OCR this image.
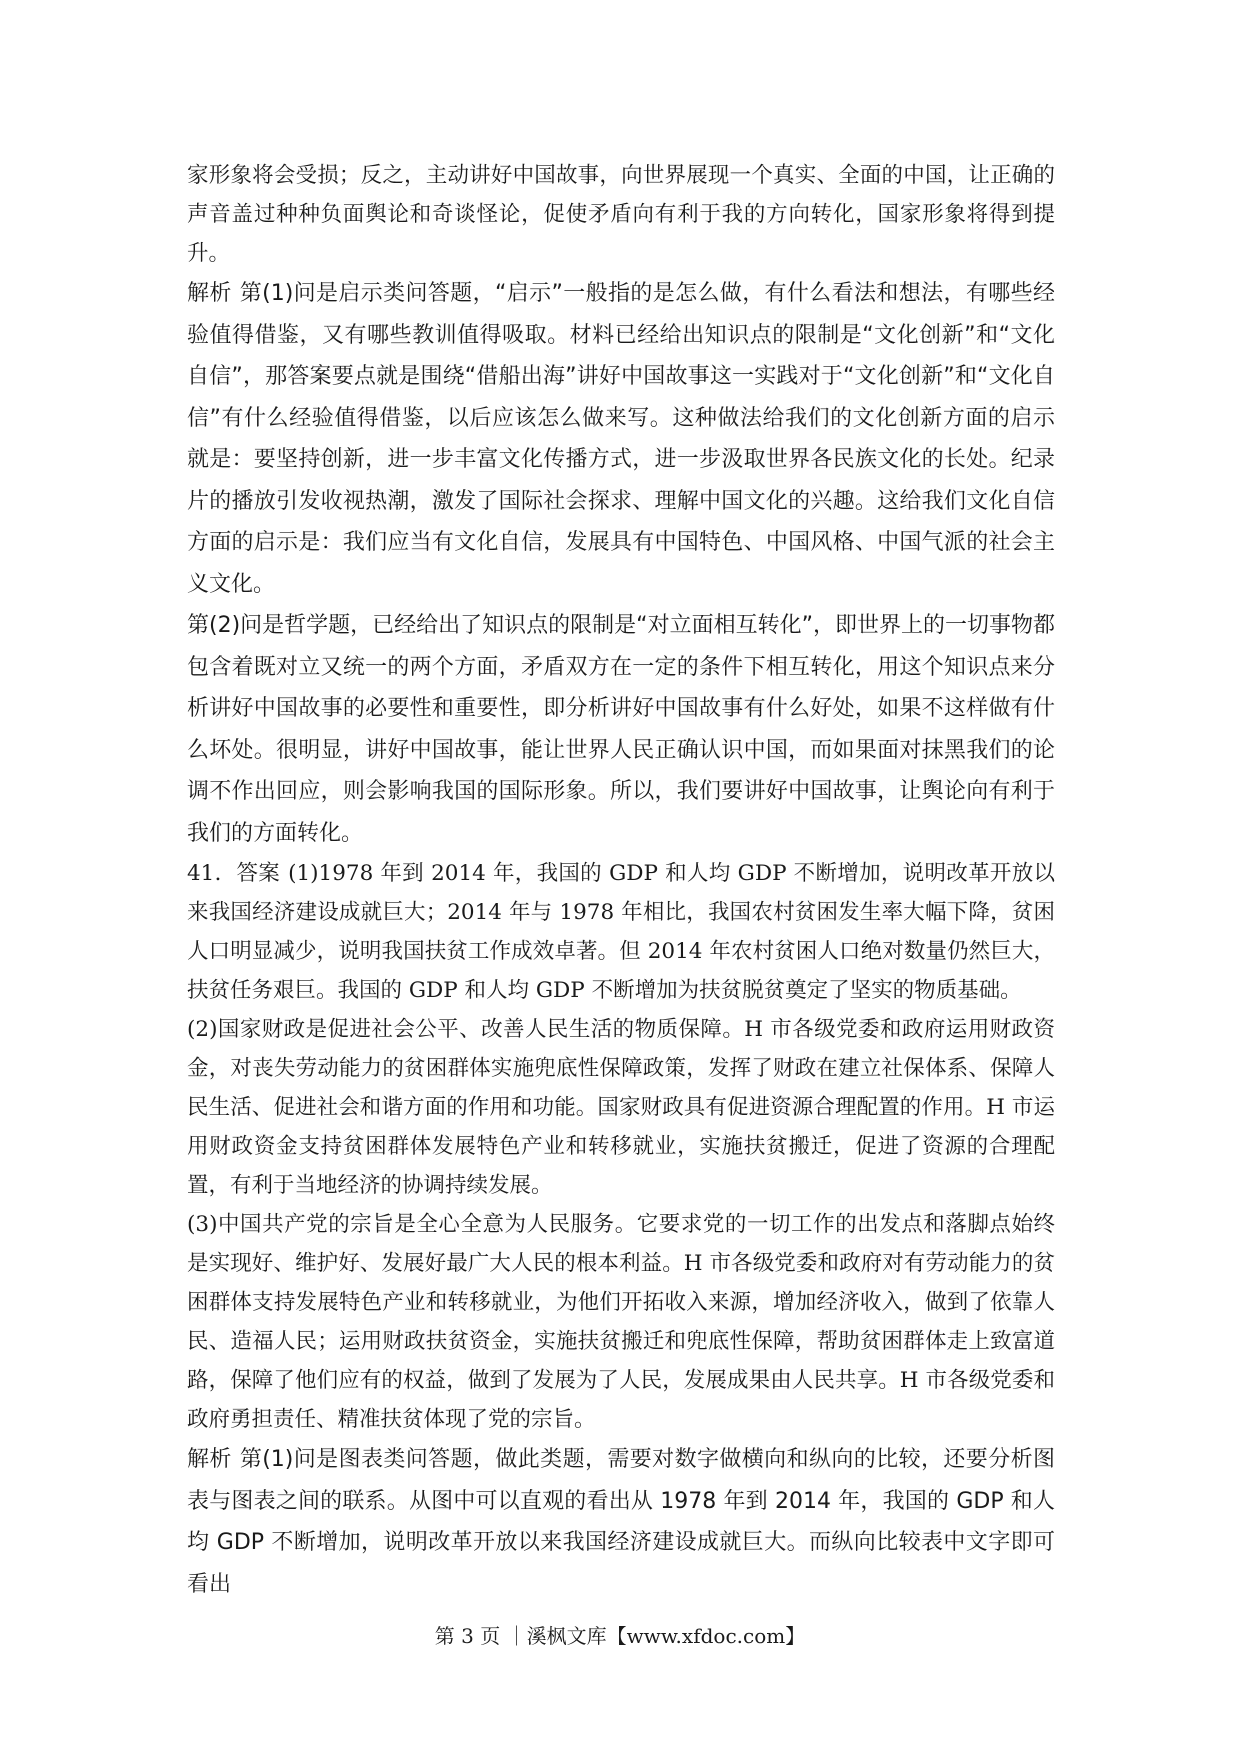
家形象将会受损；反之，主动讲好中国故事，向世界展现一个真实、全面的中国，让正确的声音盖过种种负面舆论和奇谈怪论，促使矛盾向有利于我的方向转化，国家形象将得到提升。

解析 第(1)问是启示类问答题，“启示”一般指的是怎么做，有什么看法和想法，有哪些经验值得借鉴，又有哪些教训值得吸取。材料已经给出知识点的限制是“文化创新”和“文化自信”，那答案要点就是围绕“借船出海”讲好中国故事这一实践对于“文化创新”和“文化自信”有什么经验值得借鉴，以后应该怎么做来写。这种做法给我们的文化创新方面的启示就是：要坚持创新，进一步丰富文化传播方式，进一步汲取世界各民族文化的长处。纪录片的播放引发收视热潮，激发了国际社会探求、理解中国文化的兴趣。这给我们文化自信方面的启示是：我们应当有文化自信，发展具有中国特色、中国风格、中国气派的社会主义文化。

第(2)问是哲学题，已经给出了知识点的限制是“对立面相互转化”，即世界上的一切事物都包含着既对立又统一的两个方面，矛盾双方在一定的条件下相互转化，用这个知识点来分析讲好中国故事的必要性和重要性，即分析讲好中国故事有什么好处，如果不这样做有什么坏处。很明显，讲好中国故事，能让世界人民正确认识中国，而如果面对抹黑我们的论调不作出回应，则会影响我国的国际形象。所以，我们要讲好中国故事，让舆论向有利于我们的方面转化。

41．答案 (1)1978 年到 2014 年，我国的 GDP 和人均 GDP 不断增加，说明改革开放以来我国经济建设成就巨大；2014 年与 1978 年相比，我国农村贫困发生率大幅下降，贫困人口明显减少，说明我国扶贫工作成效卓著。但 2014 年农村贫困人口绝对数量仍然巨大，扶贫任务艰巨。我国的 GDP 和人均 GDP 不断增加为扶贫脱贫奠定了坚实的物质基础。

(2)国家财政是促进社会公平、改善人民生活的物质保障。H 市各级党委和政府运用财政资金，对丧失劳动能力的贫困群体实施兜底性保障政策，发挥了财政在建立社保体系、保障人民生活、促进社会和谐方面的作用和功能。国家财政具有促进资源合理配置的作用。H 市运用财政资金支持贫困群体发展特色产业和转移就业，实施扶贫搬迁，促进了资源的合理配置，有利于当地经济的协调持续发展。

(3)中国共产党的宗旨是全心全意为人民服务。它要求党的一切工作的出发点和落脚点始终是实现好、维护好、发展好最广大人民的根本利益。H 市各级党委和政府对有劳动能力的贫困群体支持发展特色产业和转移就业，为他们开拓收入来源，增加经济收入，做到了依靠人民、造福人民；运用财政扶贫资金，实施扶贫搬迁和兜底性保障，帮助贫困群体走上致富道路，保障了他们应有的权益，做到了发展为了人民，发展成果由人民共享。H 市各级党委和政府勇担责任、精准扶贫体现了党的宗旨。

解析 第(1)问是图表类问答题，做此类题，需要对数字做横向和纵向的比较，还要分析图表与图表之间的联系。从图中可以直观的看出从 1978 年到 2014 年，我国的 GDP 和人均 GDP 不断增加，说明改革开放以来我国经济建设成就巨大。而纵向比较表中文字即可看出

第 3 页 ｜溪枫文库【www.xfdoc.com】
